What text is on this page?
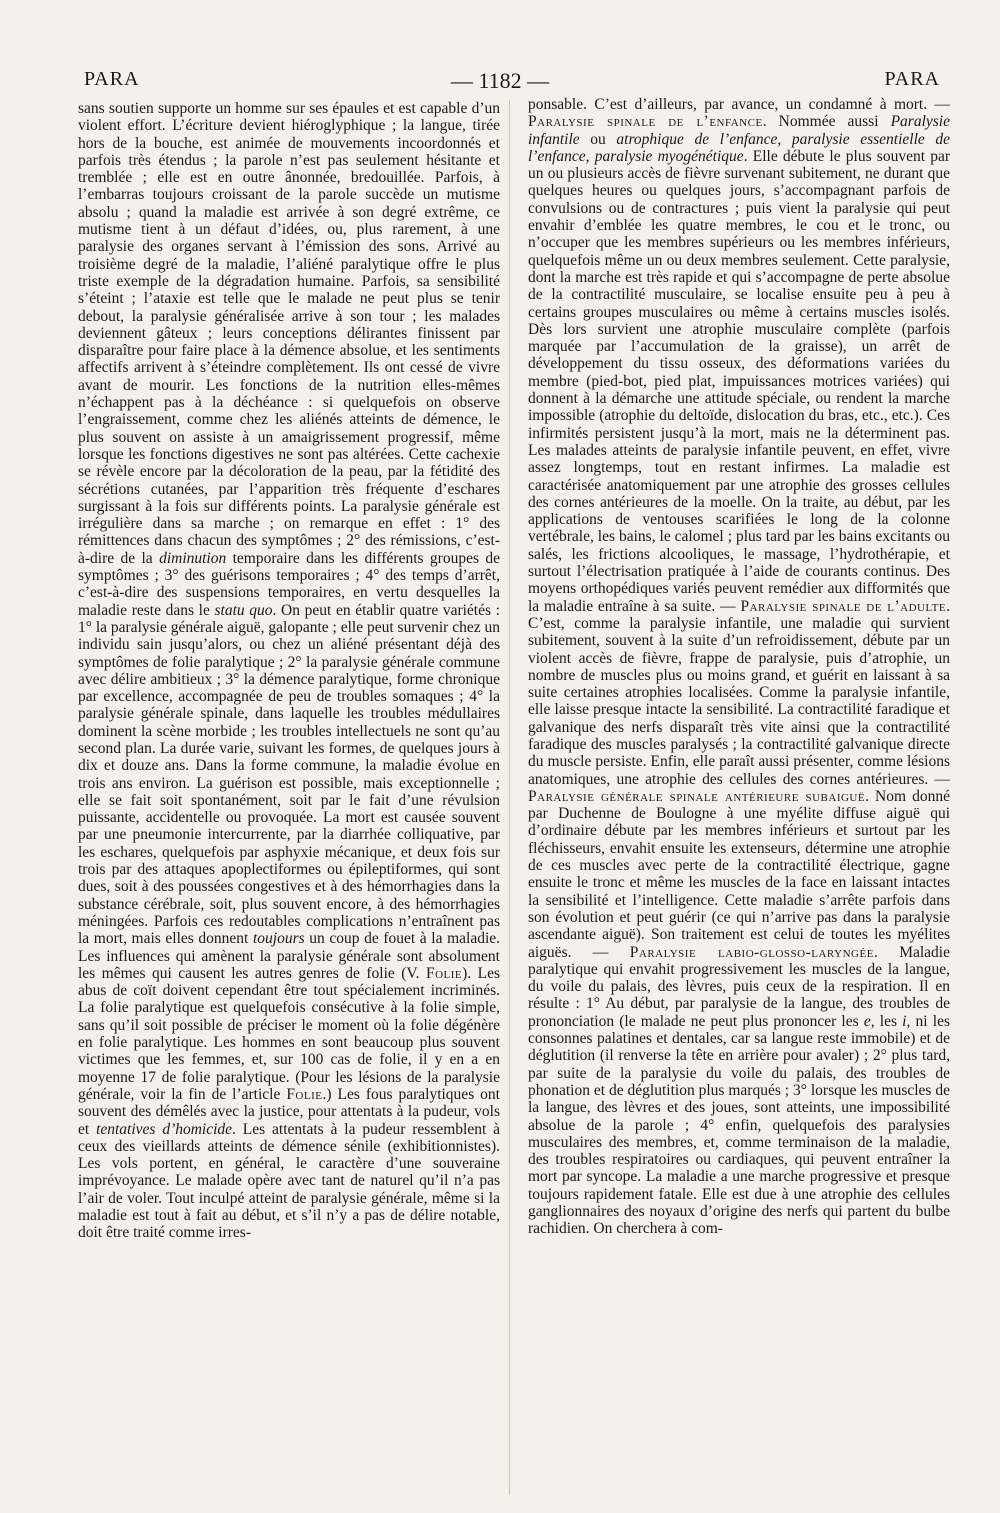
PARA	— 1182 —	PARA

sans soutien supporte un homme sur ses épaules et est capable d’un violent effort. L’écriture devient hiéroglyphique ; la langue, tirée hors de la bouche, est animée de mouvements incoordonnés et parfois très étendus ; la parole n’est pas seulement hésitante et tremblée ; elle est en outre ânonnée, bredouillée. Parfois, à l’embarras toujours croissant de la parole succède un mutisme absolu ; quand la maladie est arrivée à son degré extrême, ce mutisme tient à un défaut d’idées, ou, plus rarement, à une paralysie des organes servant à l’émission des sons. Arrivé au troisième degré de la maladie, l’aliéné paralytique offre le plus triste exemple de la dégradation humaine. Parfois, sa sensibilité s’éteint ; l’ataxie est telle que le malade ne peut plus se tenir debout, la paralysie généralisée arrive à son tour ; les malades deviennent gâteux ; leurs conceptions délirantes finissent par disparaître pour faire place à la démence absolue, et les sentiments affectifs arrivent à s’éteindre complètement. Ils ont cessé de vivre avant de mourir. Les fonctions de la nutrition elles-mêmes n’échappent pas à la déchéance : si quelquefois on observe l’engraissement, comme chez les aliénés atteints de démence, le plus souvent on assiste à un amaigrissement progressif, même lorsque les fonctions digestives ne sont pas altérées. Cette cachexie se révèle encore par la décoloration de la peau, par la fétidité des sécrétions cutanées, par l’apparition très fréquente d’eschares surgissant à la fois sur différents points. La paralysie générale est irrégulière dans sa marche ; on remarque en effet : 1° des rémittences dans chacun des symptômes ; 2° des rémissions, c’est-à-dire de la diminution temporaire dans les différents groupes de symptômes ; 3° des guérisons temporaires ; 4° des temps d’arrêt, c’est-à-dire des suspensions temporaires, en vertu desquelles la maladie reste dans le statu quo. On peut en établir quatre variétés : 1° la paralysie générale aiguë, galopante ; elle peut survenir chez un individu sain jusqu’alors, ou chez un aliéné présentant déjà des symptômes de folie paralytique ; 2° la paralysie générale commune avec délire ambitieux ; 3° la démence paralytique, forme chronique par excellence, accompagnée de peu de troubles somaques ; 4° la paralysie générale spinale, dans laquelle les troubles médullaires dominent la scène morbide ; les troubles intellectuels ne sont qu’au second plan. La durée varie, suivant les formes, de quelques jours à dix et douze ans. Dans la forme commune, la maladie évolue en trois ans environ. La guérison est possible, mais exceptionnelle ; elle se fait soit spontanément, soit par le fait d’une révulsion puissante, accidentelle ou provoquée. La mort est causée souvent par une pneumonie intercurrente, par la diarrhée colliquative, par les eschares, quelquefois par asphyxie mécanique, et deux fois sur trois par des attaques apoplectiformes ou épileptiformes, qui sont dues, soit à des poussées congestives et à des hémorrhagies dans la substance cérébrale, soit, plus souvent encore, à des hémorrhagies méningées. Parfois ces redoutables complications n’entraînent pas la mort, mais elles donnent toujours un coup de fouet à la maladie. Les influences qui amènent la paralysie générale sont absolument les mêmes qui causent les autres genres de folie (V. Folie). Les abus de coït doivent cependant être tout spécialement incriminés. La folie paralytique est quelquefois consécutive à la folie simple, sans qu’il soit possible de préciser le moment où la folie dégénère en folie paralytique. Les hommes en sont beaucoup plus souvent victimes que les femmes, et, sur 100 cas de folie, il y en a en moyenne 17 de folie paralytique. (Pour les lésions de la paralysie générale, voir la fin de l’article Folie.) Les fous paralytiques ont souvent des démêlés avec la justice, pour attentats à la pudeur, vols et tentatives d’homicide. Les attentats à la pudeur ressemblent à ceux des vieillards atteints de démence sénile (exhibitionnistes). Les vols portent, en général, le caractère d’une souveraine imprévoyance. Le malade opère avec tant de naturel qu’il n’a pas l’air de voler. Tout inculpé atteint de paralysie générale, même si la maladie est tout à fait au début, et s’il n’y a pas de délire notable, doit être traité comme irres-

ponsable. C’est d’ailleurs, par avance, un condamné à mort. — Paralysie spinale de l’enfance. Nommée aussi Paralysie infantile ou atrophique de l’enfance, paralysie essentielle de l’enfance, paralysie myogénétique. Elle débute le plus souvent par un ou plusieurs accès de fièvre survenant subitement, ne durant que quelques heures ou quelques jours, s’accompagnant parfois de convulsions ou de contractures ; puis vient la paralysie qui peut envahir d’emblée les quatre membres, le cou et le tronc, ou n’occuper que les membres supérieurs ou les membres inférieurs, quelquefois même un ou deux membres seulement. Cette paralysie, dont la marche est très rapide et qui s’accompagne de perte absolue de la contractilité musculaire, se localise ensuite peu à peu à certains groupes musculaires ou même à certains muscles isolés. Dès lors survient une atrophie musculaire complète (parfois marquée par l’accumulation de la graisse), un arrêt de développement du tissu osseux, des déformations variées du membre (pied-bot, pied plat, impuissances motrices variées) qui donnent à la démarche une attitude spéciale, ou rendent la marche impossible (atrophie du deltoïde, dislocation du bras, etc., etc.). Ces infirmités persistent jusqu’à la mort, mais ne la déterminent pas. Les malades atteints de paralysie infantile peuvent, en effet, vivre assez longtemps, tout en restant infirmes. La maladie est caractérisée anatomiquement par une atrophie des grosses cellules des cornes antérieures de la moelle. On la traite, au début, par les applications de ventouses scarifiées le long de la colonne vertébrale, les bains, le calomel ; plus tard par les bains excitants ou salés, les frictions alcooliques, le massage, l’hydrothérapie, et surtout l’électrisation pratiquée à l’aide de courants continus. Des moyens orthopédiques variés peuvent remédier aux difformités que la maladie entraîne à sa suite. — Paralysie spinale de l’adulte. C’est, comme la paralysie infantile, une maladie qui survient subitement, souvent à la suite d’un refroidissement, débute par un violent accès de fièvre, frappe de paralysie, puis d’atrophie, un nombre de muscles plus ou moins grand, et guérit en laissant à sa suite certaines atrophies localisées. Comme la paralysie infantile, elle laisse presque intacte la sensibilité. La contractilité faradique et galvanique des nerfs disparaît très vite ainsi que la contractilité faradique des muscles paralysés ; la contractilité galvanique directe du muscle persiste. Enfin, elle paraît aussi présenter, comme lésions anatomiques, une atrophie des cellules des cornes antérieures. — Paralysie générale spinale antérieure subaiguë. Nom donné par Duchenne de Boulogne à une myélite diffuse aiguë qui d’ordinaire débute par les membres inférieurs et surtout par les fléchisseurs, envahit ensuite les extenseurs, détermine une atrophie de ces muscles avec perte de la contractilité électrique, gagne ensuite le tronc et même les muscles de la face en laissant intactes la sensibilité et l’intelligence. Cette maladie s’arrête parfois dans son évolution et peut guérir (ce qui n’arrive pas dans la paralysie ascendante aiguë). Son traitement est celui de toutes les myélites aiguës. — Paralysie labio-glosso-laryngée. Maladie paralytique qui envahit progressivement les muscles de la langue, du voile du palais, des lèvres, puis ceux de la respiration. Il en résulte : 1° Au début, par paralysie de la langue, des troubles de prononciation (le malade ne peut plus prononcer les e, les i, ni les consonnes palatines et dentales, car sa langue reste immobile) et de déglutition (il renverse la tête en arrière pour avaler) ; 2° plus tard, par suite de la paralysie du voile du palais, des troubles de phonation et de déglutition plus marqués ; 3° lorsque les muscles de la langue, des lèvres et des joues, sont atteints, une impossibilité absolue de la parole ; 4° enfin, quelquefois des paralysies musculaires des membres, et, comme terminaison de la maladie, des troubles respiratoires ou cardiaques, qui peuvent entraîner la mort par syncope. La maladie a une marche progressive et presque toujours rapidement fatale. Elle est due à une atrophie des cellules ganglionnaires des noyaux d’origine des nerfs qui partent du bulbe rachidien. On cherchera à com-
